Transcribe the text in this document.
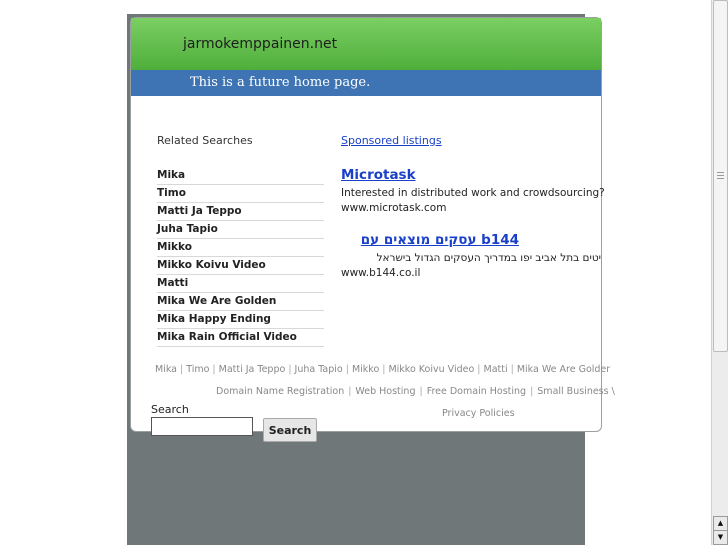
jarmokemppainen.net
This is a future home page.
Related Searches
Mika
Timo
Matti Ja Teppo
Juha Tapio
Mikko
Mikko Koivu Video
Matti
Mika We Are Golden
Mika Happy Ending
Mika Rain Official Video
Sponsored listings
Microtask
Interested in distributed work and crowdsourcing?
www.microtask.com
b144 עסקים מוצאים עם
יטים בתל אביב יפו במדריך העסקים הגדול בישראל
www.b144.co.il
Mika | Timo | Matti Ja Teppo | Juha Tapio | Mikko | Mikko Koivu Video | Matti | Mika We Are Golder
Domain Name Registration | Web Hosting | Free Domain Hosting | Small Business \
Privacy Policies
Search
Search
▲
▼
